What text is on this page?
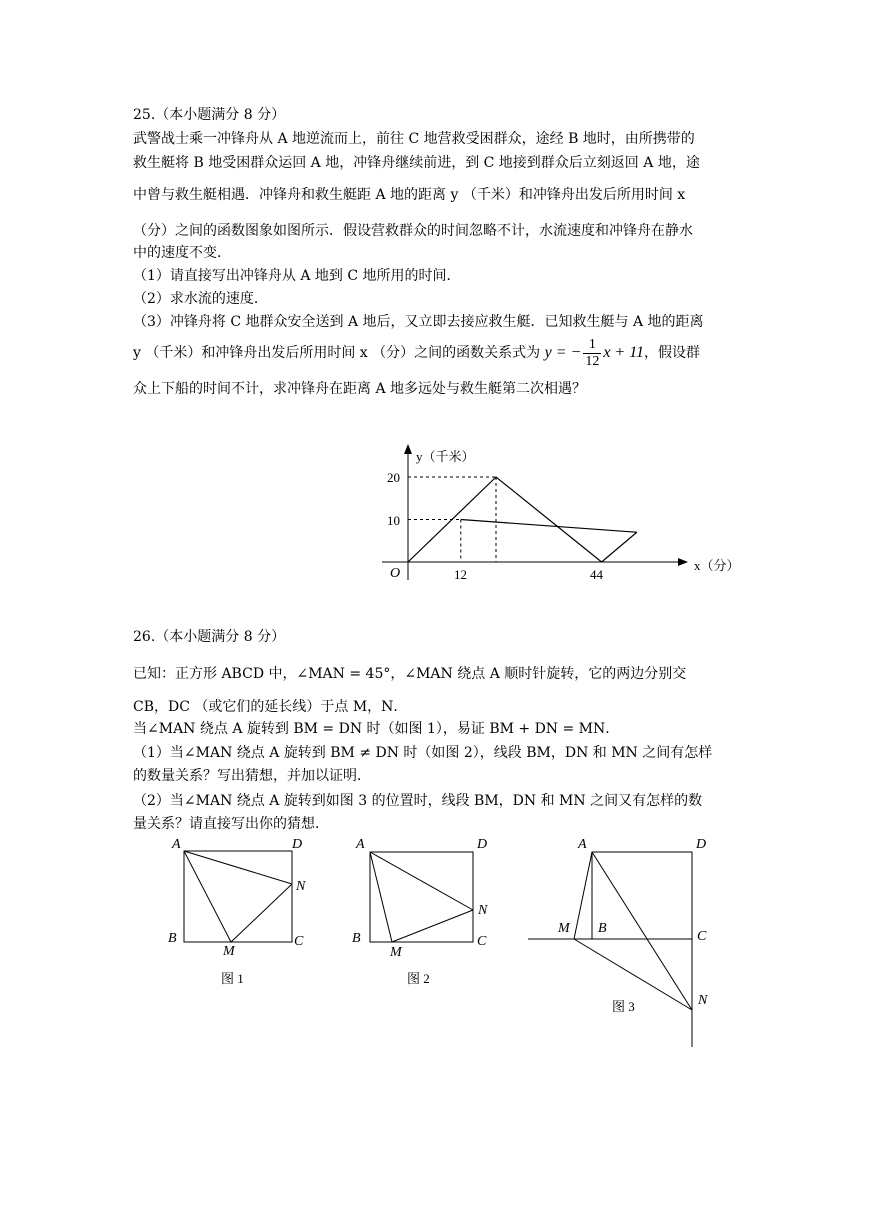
25.（本小题满分 8 分）
武警战士乘一冲锋舟从 A 地逆流而上，前往 C 地营救受困群众，途经 B 地时，由所携带的
救生艇将 B 地受困群众运回 A 地，冲锋舟继续前进，到 C 地接到群众后立刻返回 A 地，途
中曾与救生艇相遇．冲锋舟和救生艇距 A 地的距离 y （千米）和冲锋舟出发后所用时间 x
（分）之间的函数图象如图所示．假设营救群众的时间忽略不计，水流速度和冲锋舟在静水
中的速度不变．
（1）请直接写出冲锋舟从 A 地到 C 地所用的时间．
（2）求水流的速度．
（3）冲锋舟将 C 地群众安全送到 A 地后，又立即去接应救生艇．已知救生艇与 A 地的距离
y （千米）和冲锋舟出发后所用时间 x （分）之间的函数关系式为 y = − $\frac{1}{12}$ x + 11，假设群
众上下船的时间不计，求冲锋舟在距离 A 地多远处与救生艇第二次相遇？
26.（本小题满分 8 分）
已知：正方形 ABCD 中，∠MAN = 45°，∠MAN 绕点 A 顺时针旋转，它的两边分别交
CB，DC （或它们的延长线）于点 M，N．
当∠MAN 绕点 A 旋转到 BM = DN 时（如图 1），易证 BM + DN = MN．
（1）当∠MAN 绕点 A 旋转到 BM ≠ DN 时（如图 2），线段 BM，DN 和 MN 之间有怎样
的数量关系？写出猜想，并加以证明．
（2）当∠MAN 绕点 A 旋转到如图 3 的位置时，线段 BM，DN 和 MN 之间又有怎样的数
量关系？请直接写出你的猜想．
y（千米）
x（分）
O
20
10
12	44
A	D
N
B
M
C
图 1
A	D
N
B
M
C
图 2
A	D
M B
C
N
图 3
